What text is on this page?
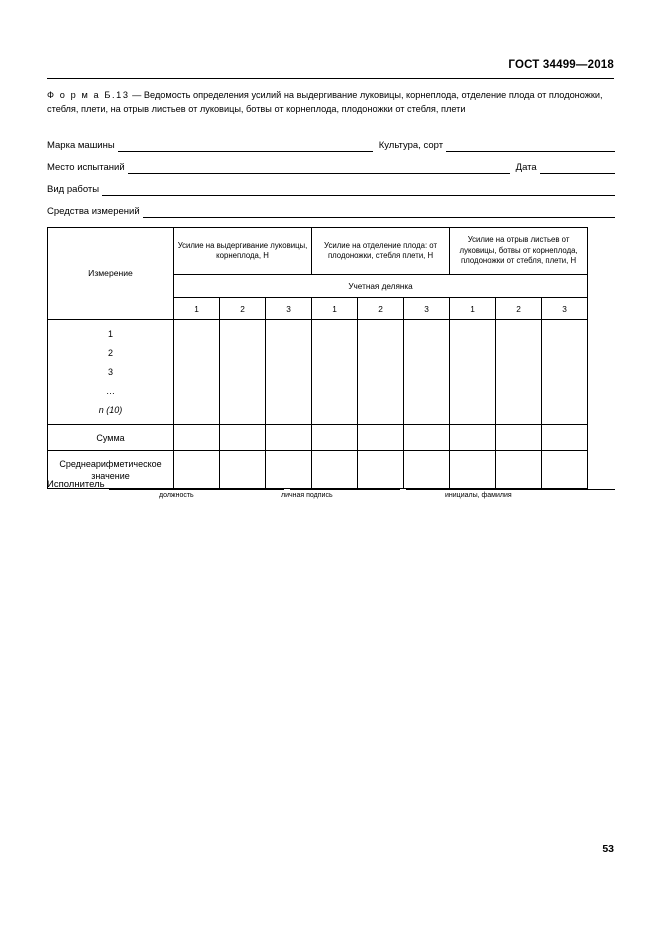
ГОСТ 34499—2018
Ф о р м а Б.13 — Ведомость определения усилий на выдергивание луковицы, корнеплода, отделение плода от плодоножки, стебля, плети, на отрыв листьев от луковицы, ботвы от корнеплода, плодоножки от стебля, плети
Марка машины	Культура, сорт
Место испытаний	Дата
Вид работы
Средства измерений
Измерение	Усилие на выдергивание луковицы, корнеплода, Н			Усилие на отделение плода: от плодоножки, стебля плети, Н			Усилие на отрыв листьев от луковицы, ботвы от корнеплода, плодоножки от стебля, плети, Н		
	Учетная делянка								
	1	2	3	1	2	3	1	2	3

1
2
3
…
n (10)									

Сумма									
Среднеарифметическое значение									
Исполнитель
должность	личная подпись	инициалы, фамилия
53
